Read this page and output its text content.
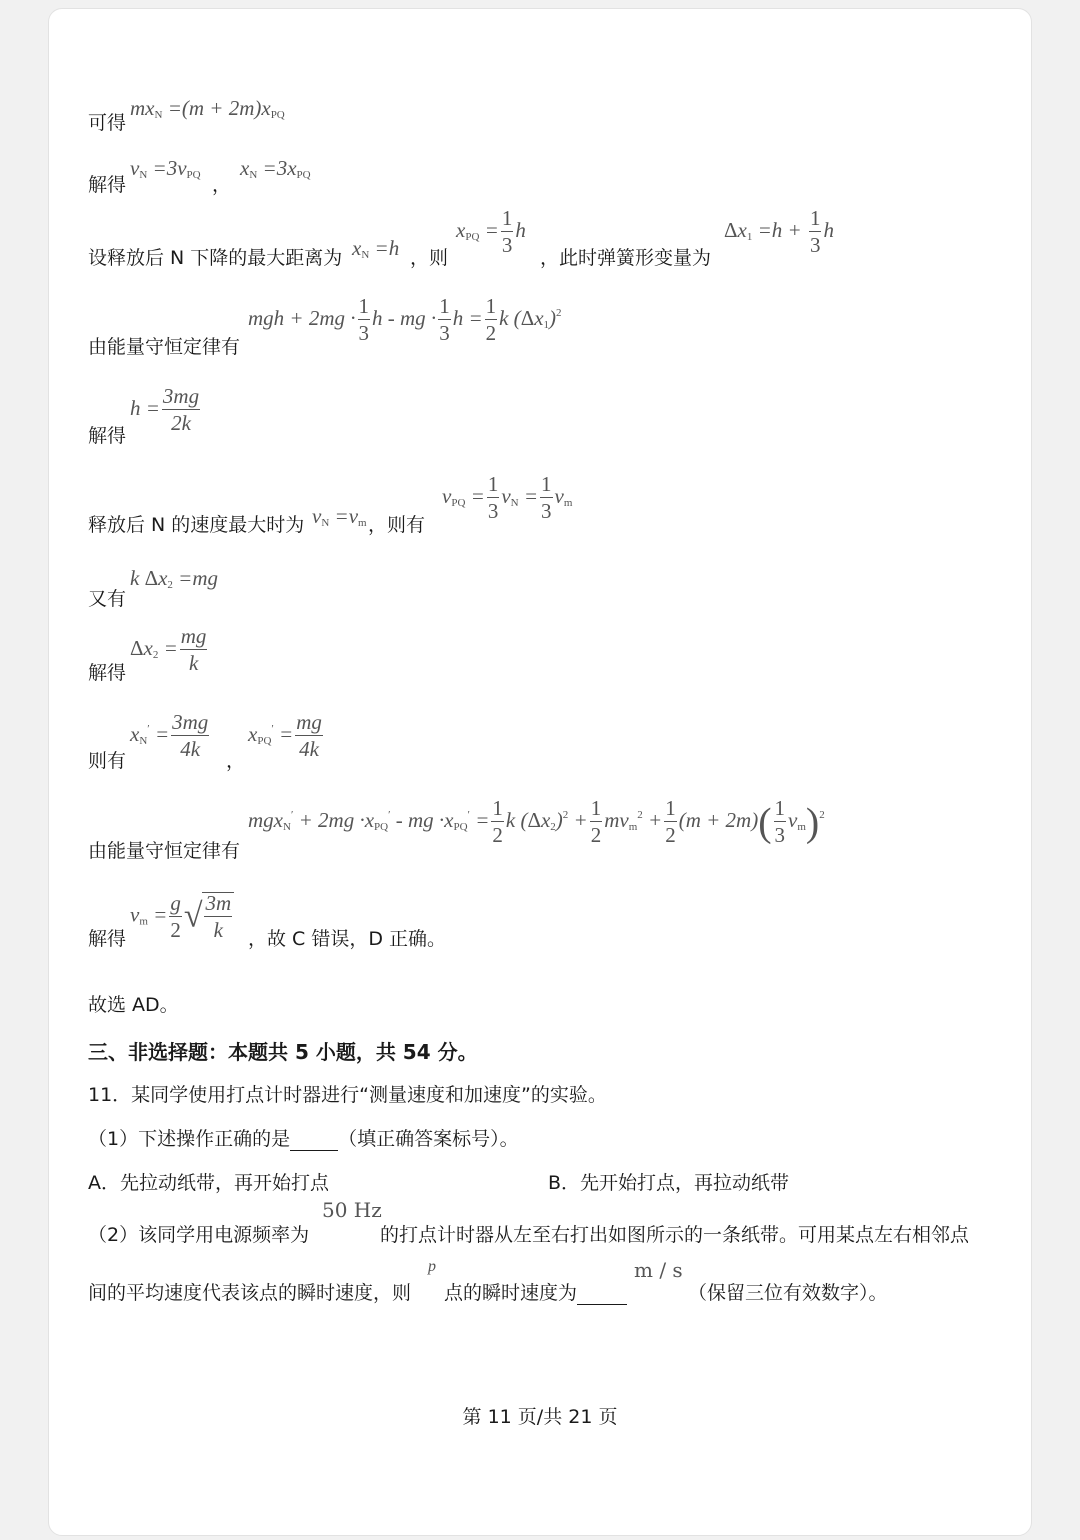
可得
$mx_N =(m + 2m)x_{PQ}$
解得
$v_N =3v_{PQ}$ ，
$x_N =3x_{PQ}$
设释放后 N 下降的最大距离为 $x_N =h$ ，则
$x_{PQ} = \frac{1}{3}$ h
，此时弹簧形变量为
$\Delta x_1 =h + \frac{1}{3}$ h
由能量守恒定律有
mgh + $2mg \cdot \frac{1}{3}$ h - mg · $\frac{1}{3}$ $h = \frac{1}{2}$ k $(\Delta x_1)^2$
解得
$h = \frac{3mg}{2k}$
释放后 N 的速度最大时为 $v_N =v_m$ ，则有
$v_{PQ} = \frac{1}{3} v_N = \frac{1}{3} v_m$
又有
k $\Delta x_2 =mg$
解得
$\Delta x_2 = \frac{mg}{k}$
则有
$x_N' = \frac{3mg}{4k}$
，
$x_{PQ}' = \frac{mg}{4k}$
由能量守恒定律有
$mgx_N' + 2mg \cdot x_{PQ}'$ - mg $\cdot x_{PQ}' = \frac{1}{2}$ k $(\Delta x_2)^2 + \frac{1}{2} mv_m^2 + \frac{1}{2} (m + 2m)( \frac{1}{3} v_m)^2$
解得
$v_m = \frac{g}{2}$ √ $\frac{3m}{k}$ ，故 C 错误，D 正确。
故选 AD。
三、非选择题：本题共 5 小题，共 54 分。
11．某同学使用打点计时器进行“测量速度和加速度”的实验。
（1）下述操作正确的是	（填正确答案标号）。
A．先拉动纸带，再开始打点	B．先开始打点，再拉动纸带
（2）该同学用电源频率为
50 Hz
的打点计时器从左至右打出如图所示的一条纸带。可用某点左右相邻点
间的平均速度代表该点的瞬时速度，则
p
点的瞬时速度为
m / s
（保留三位有效数字）。
第 11 页/共 21 页
